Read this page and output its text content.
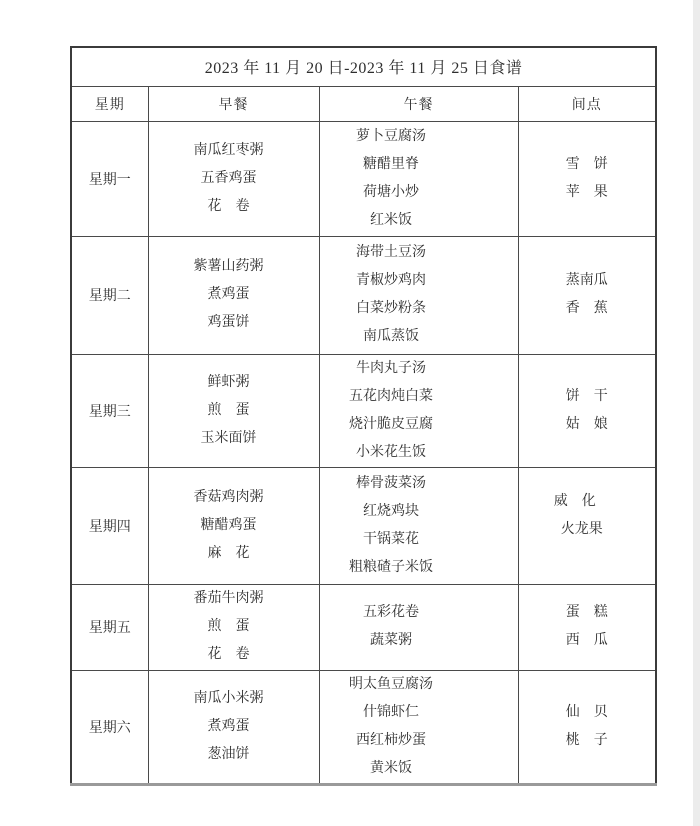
2023 年 11 月 20 日-2023 年 11 月 25 日食谱			
星期	早餐	午餐	间点
星期一	
南瓜红枣粥
五香鸡蛋
花　卷

萝卜豆腐汤
糖醋里脊
荷塘小炒
红米饭

雪　饼
苹　果

星期二	
紫薯山药粥
煮鸡蛋
鸡蛋饼

海带土豆汤
青椒炒鸡肉
白菜炒粉条
南瓜蒸饭

蒸南瓜
香　蕉

星期三	
鲜虾粥
煎　蛋
玉米面饼

牛肉丸子汤
五花肉炖白菜
烧汁脆皮豆腐
小米花生饭

饼　干
姑　娘

星期四	
香菇鸡肉粥
糖醋鸡蛋
麻　花

棒骨菠菜汤
红烧鸡块
干锅菜花
粗粮碴子米饭

威　化
　火龙果

星期五	
番茄牛肉粥
煎　蛋
花　卷

五彩花卷
蔬菜粥

蛋　糕
西　瓜

星期六	
南瓜小米粥
煮鸡蛋
葱油饼

明太鱼豆腐汤
什锦虾仁
西红柿炒蛋
黄米饭

仙　贝
桃　子
